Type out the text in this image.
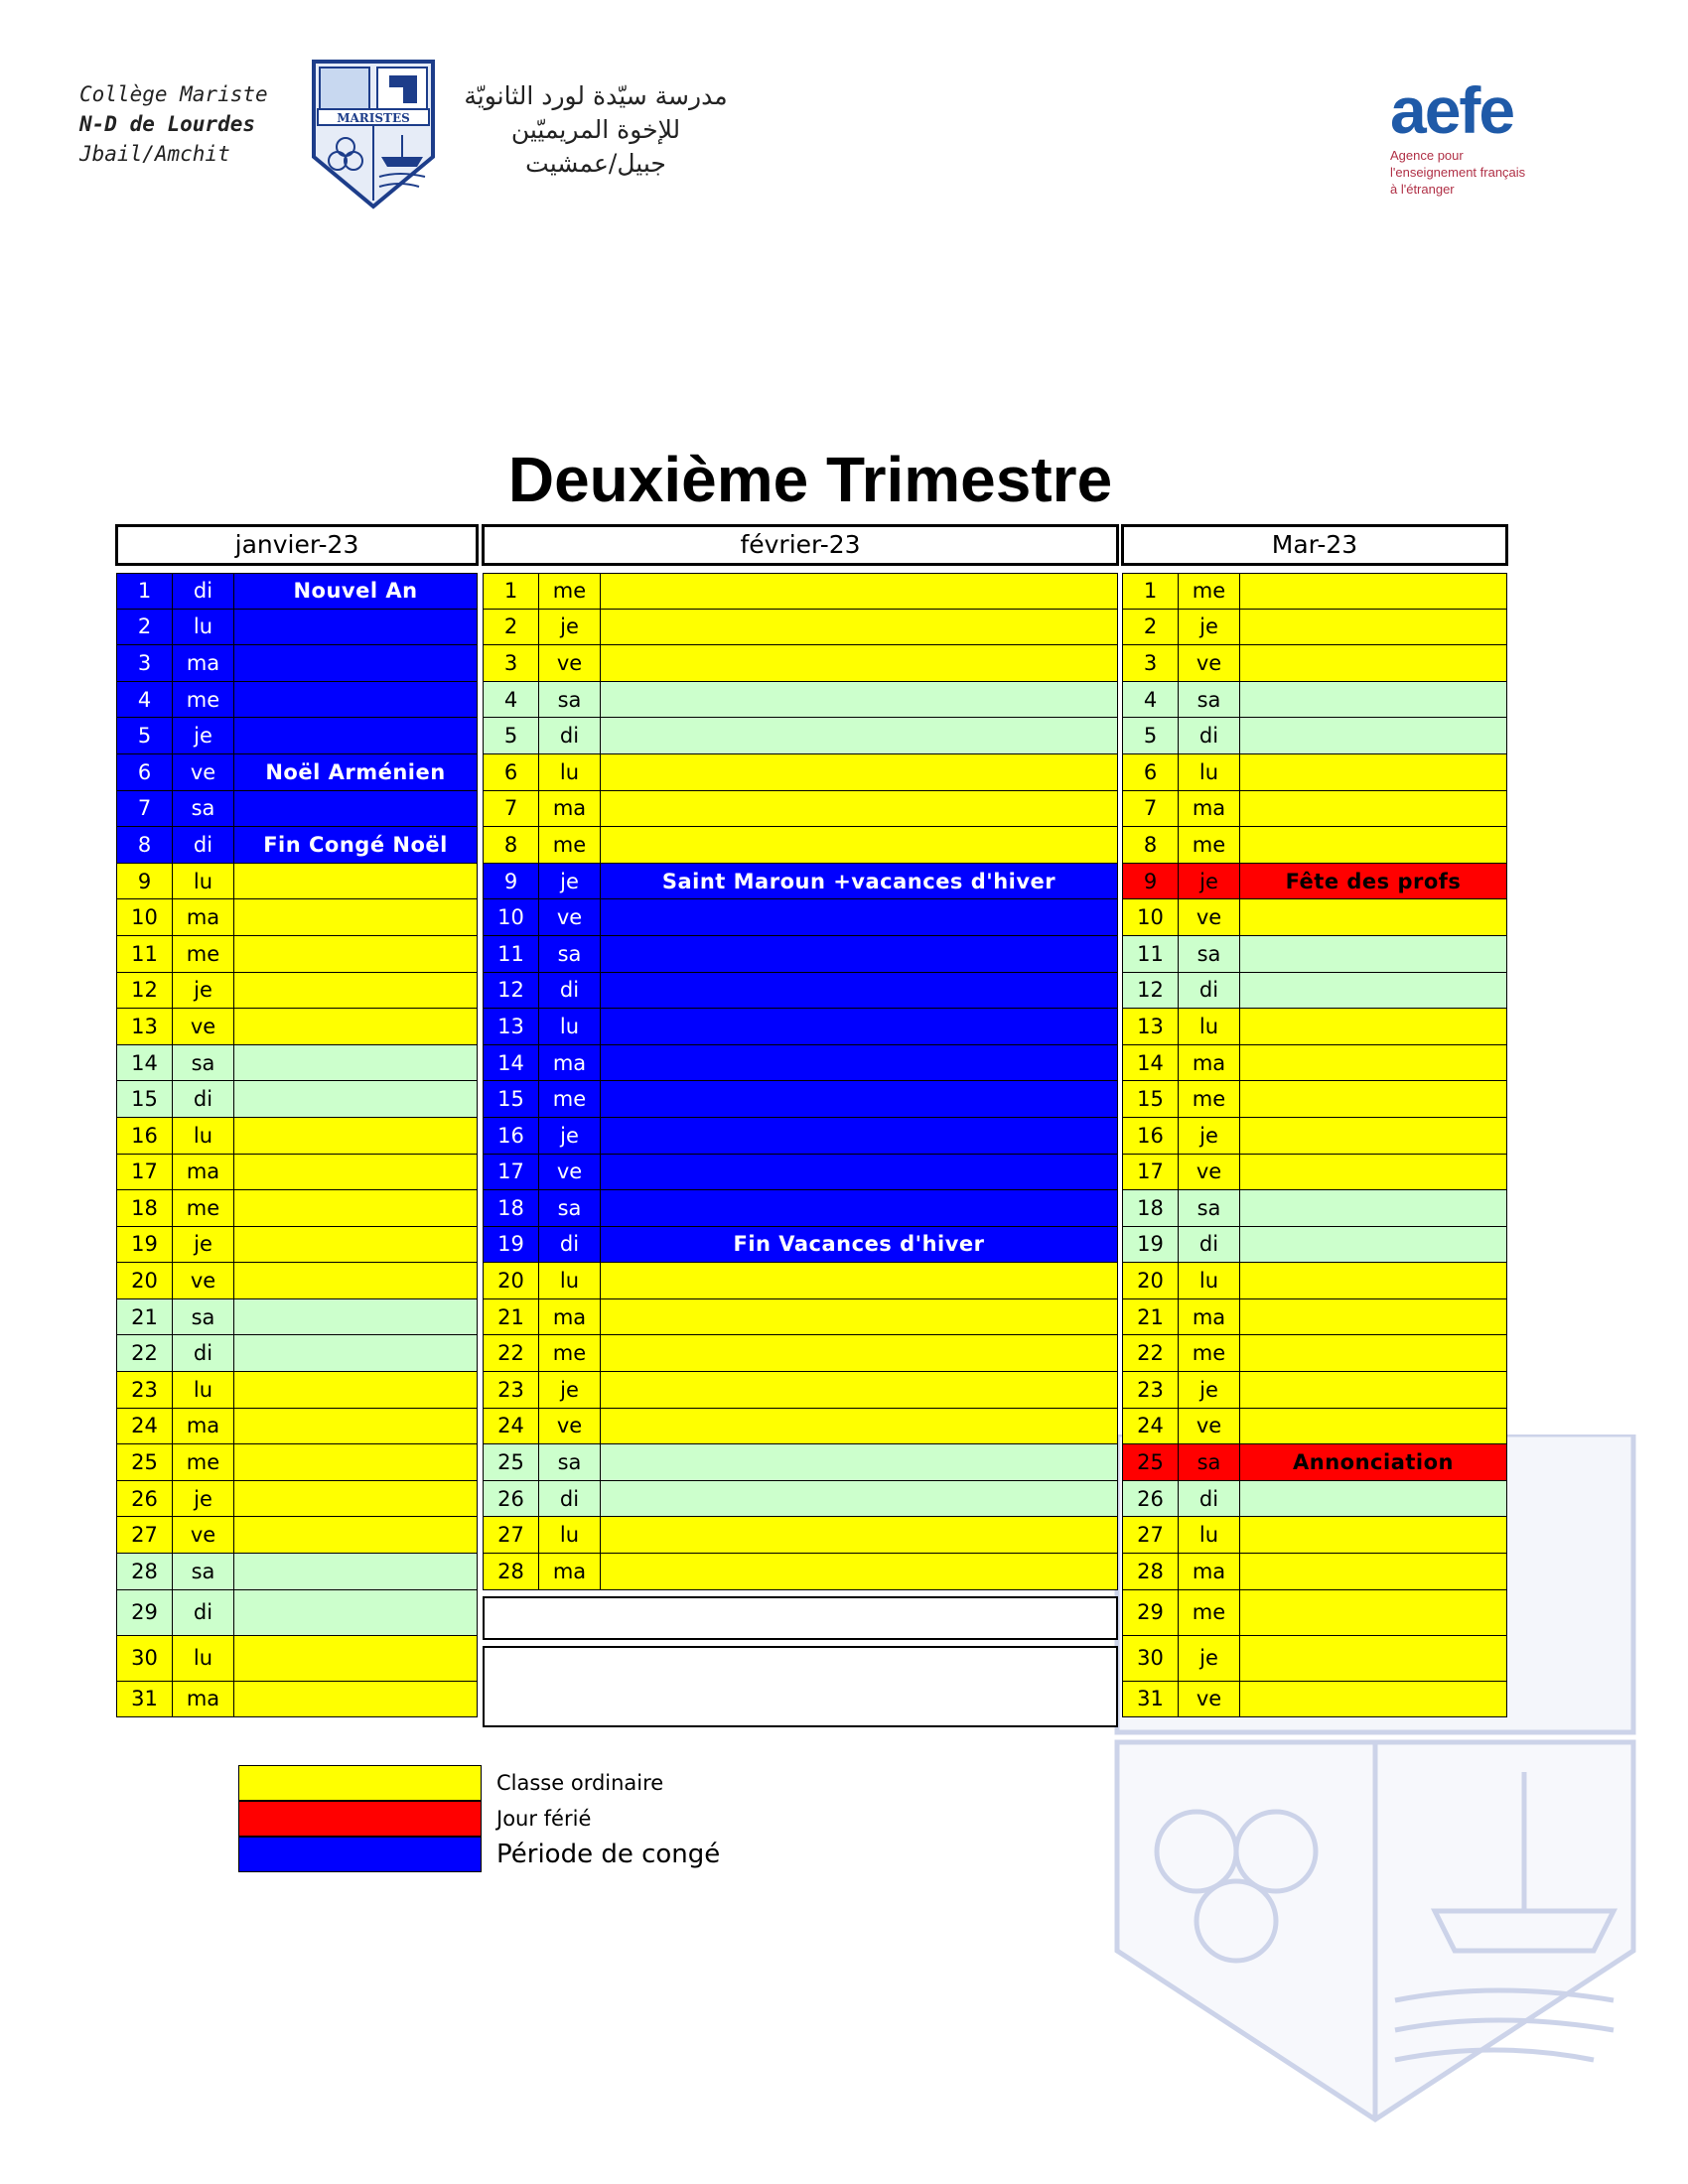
Collège Mariste
N-D de Lourdes
Jbail/Amchit
MARISTES
مدرسة سيّدة لورد الثانويّة
للإخوة المريميّين
جبيل/عمشيت
aefe
Agence pour
l'enseignement français
à l'étranger
Deuxième Trimestre
janvier-23
1	di	Nouvel An
2	lu
3	ma
4	me
5	je
6	ve	Noël Arménien
7	sa
8	di	Fin Congé Noël
9	lu
10	ma
11	me
12	je
13	ve
14	sa
15	di
16	lu
17	ma
18	me
19	je
20	ve
21	sa
22	di
23	lu
24	ma
25	me
26	je
27	ve
28	sa
29	di
30	lu
31	ma
février-23
1	me
2	je
3	ve
4	sa
5	di
6	lu
7	ma
8	me
9	je	Saint Maroun +vacances d'hiver
10	ve
11	sa
12	di
13	lu
14	ma
15	me
16	je
17	ve
18	sa
19	di	Fin Vacances d'hiver
20	lu
21	ma
22	me
23	je
24	ve
25	sa
26	di
27	lu
28	ma
Mar-23
1	me
2	je
3	ve
4	sa
5	di
6	lu
7	ma
8	me
9	je	Fête des profs
10	ve
11	sa
12	di
13	lu
14	ma
15	me
16	je
17	ve
18	sa
19	di
20	lu
21	ma
22	me
23	je
24	ve
25	sa	Annonciation
26	di
27	lu
28	ma
29	me
30	je
31	ve
Classe ordinaire
Jour férié
Période de congé
